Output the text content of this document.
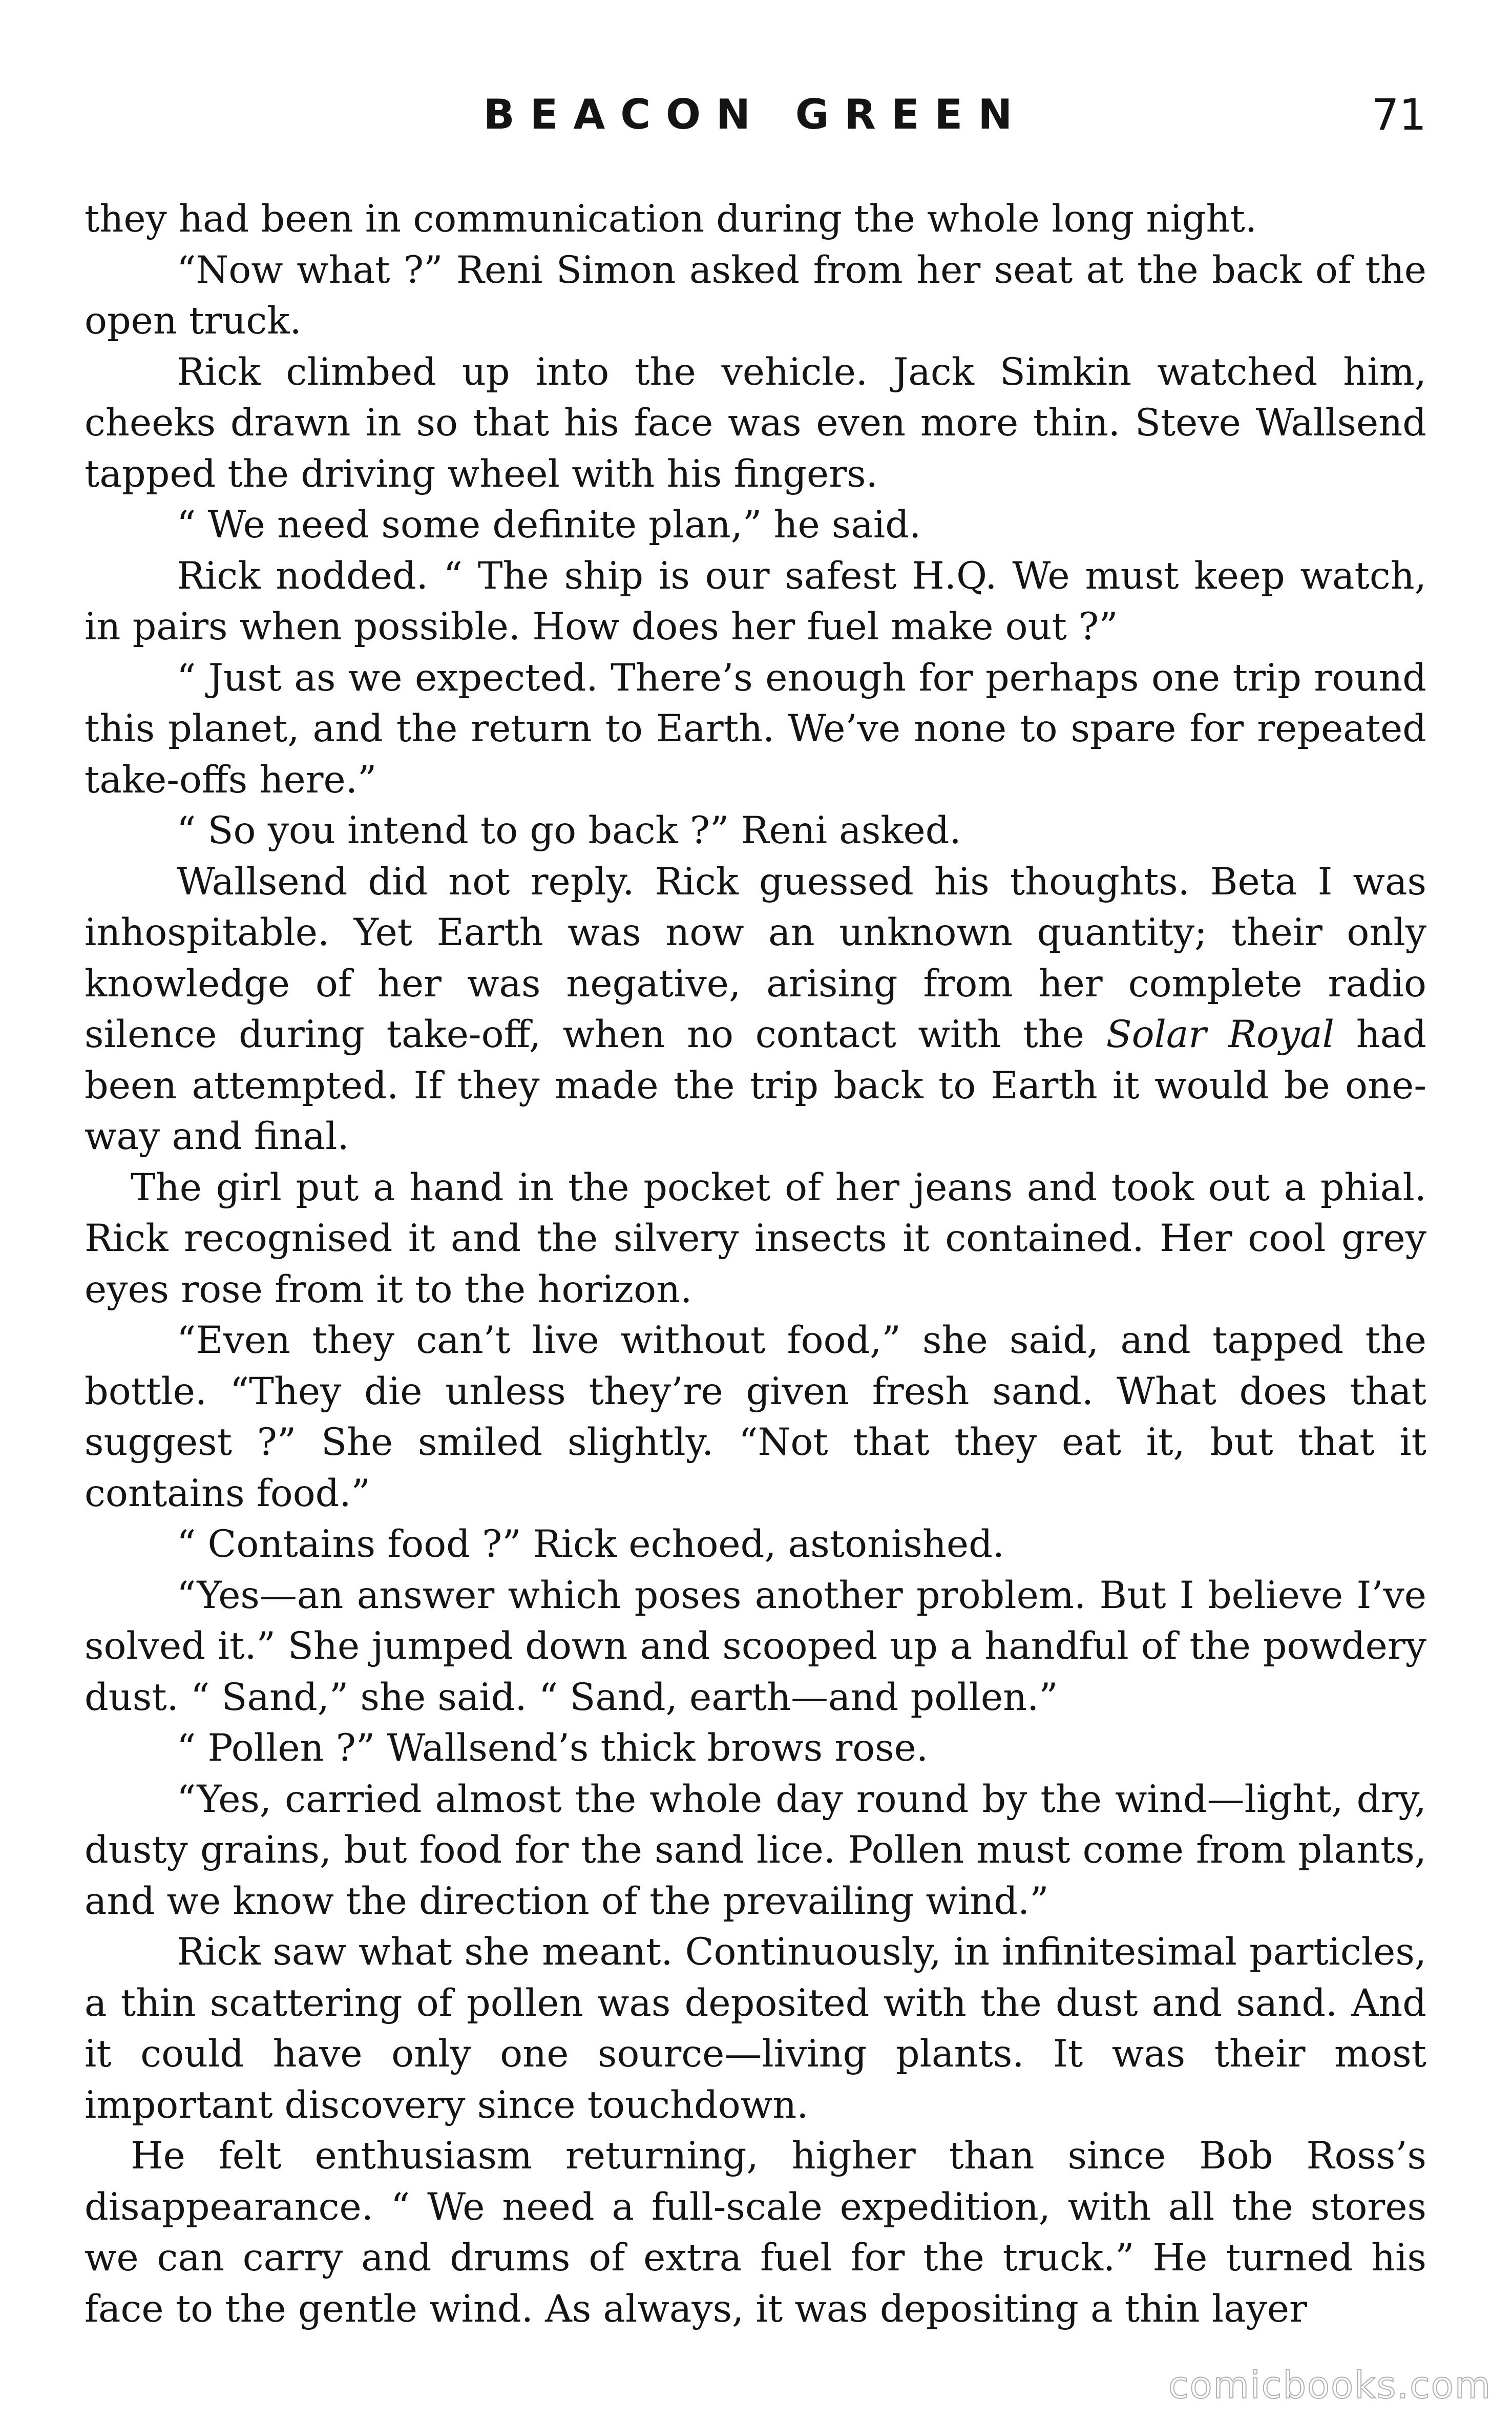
BEACON GREEN	71

they had been in communication during the whole long night.

“Now what ?” Reni Simon asked from her seat at the back of the open truck.

Rick climbed up into the vehicle. Jack Simkin watched him, cheeks drawn in so that his face was even more thin. Steve Wallsend tapped the driving wheel with his fingers.

“ We need some definite plan,” he said.

Rick nodded. “ The ship is our safest H.Q. We must keep watch, in pairs when possible. How does her fuel make out ?”

“ Just as we expected. There’s enough for perhaps one trip round this planet, and the return to Earth. We’ve none to spare for repeated take-offs here.”

“ So you intend to go back ?” Reni asked.

Wallsend did not reply. Rick guessed his thoughts. Beta I was inhospitable. Yet Earth was now an unknown quantity; their only knowledge of her was negative, arising from her complete radio silence during take-off, when no contact with the Solar Royal had been attempted. If they made the trip back to Earth it would be one-way and final.

The girl put a hand in the pocket of her jeans and took out a phial. Rick recognised it and the silvery insects it contained. Her cool grey eyes rose from it to the horizon.

“Even they can’t live without food,” she said, and tapped the bottle. “They die unless they’re given fresh sand. What does that suggest ?” She smiled slightly. “Not that they eat it, but that it contains food.”

“ Contains food ?” Rick echoed, astonished.

“Yes—an answer which poses another problem. But I believe I’ve solved it.” She jumped down and scooped up a handful of the powdery dust. “ Sand,” she said. “ Sand, earth—and pollen.”

“ Pollen ?” Wallsend’s thick brows rose.

“Yes, carried almost the whole day round by the wind—light, dry, dusty grains, but food for the sand lice. Pollen must come from plants, and we know the direction of the prevailing wind.”

Rick saw what she meant. Continuously, in infinitesimal particles, a thin scattering of pollen was deposited with the dust and sand. And it could have only one source—living plants. It was their most important discovery since touchdown.

He felt enthusiasm returning, higher than since Bob Ross’s disappearance. “ We need a full-scale expedition, with all the stores we can carry and drums of extra fuel for the truck.” He turned his face to the gentle wind. As always, it was depositing a thin layer

comicbooks.com
